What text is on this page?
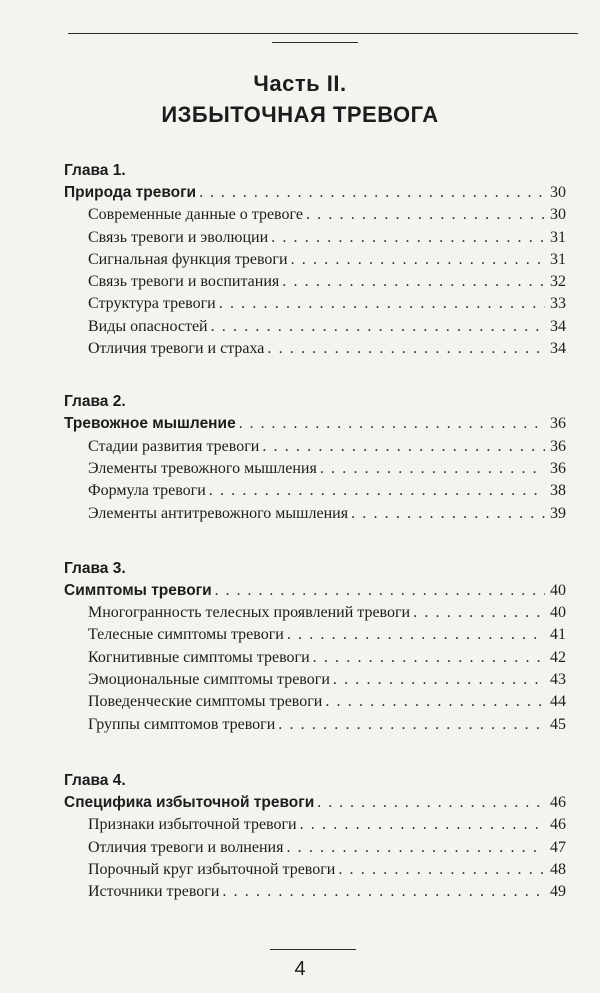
Часть II.
ИЗБЫТОЧНАЯ ТРЕВОГА
Глава 1.
Природа тревоги . . .	30
Современные данные о тревоге . . .	30
Связь тревоги и эволюции . . .	31
Сигнальная функция тревоги . . .	31
Связь тревоги и воспитания . . .	32
Структура тревоги . . .	33
Виды опасностей . . .	34
Отличия тревоги и страха . . .	34
Глава 2.
Тревожное мышление . . .	36
Стадии развития тревоги . . .	36
Элементы тревожного мышления . . .	36
Формула тревоги . . .	38
Элементы антитревожного мышления . . .	39
Глава 3.
Симптомы тревоги . . .	40
Многогранность телесных проявлений тревоги . . .	40
Телесные симптомы тревоги . . .	41
Когнитивные симптомы тревоги . . .	42
Эмоциональные симптомы тревоги . . .	43
Поведенческие симптомы тревоги . . .	44
Группы симптомов тревоги . . .	45
Глава 4.
Специфика избыточной тревоги . . .	46
Признаки избыточной тревоги . . .	46
Отличия тревоги и волнения . . .	47
Порочный круг избыточной тревоги . . .	48
Источники тревоги . . .	49
4
